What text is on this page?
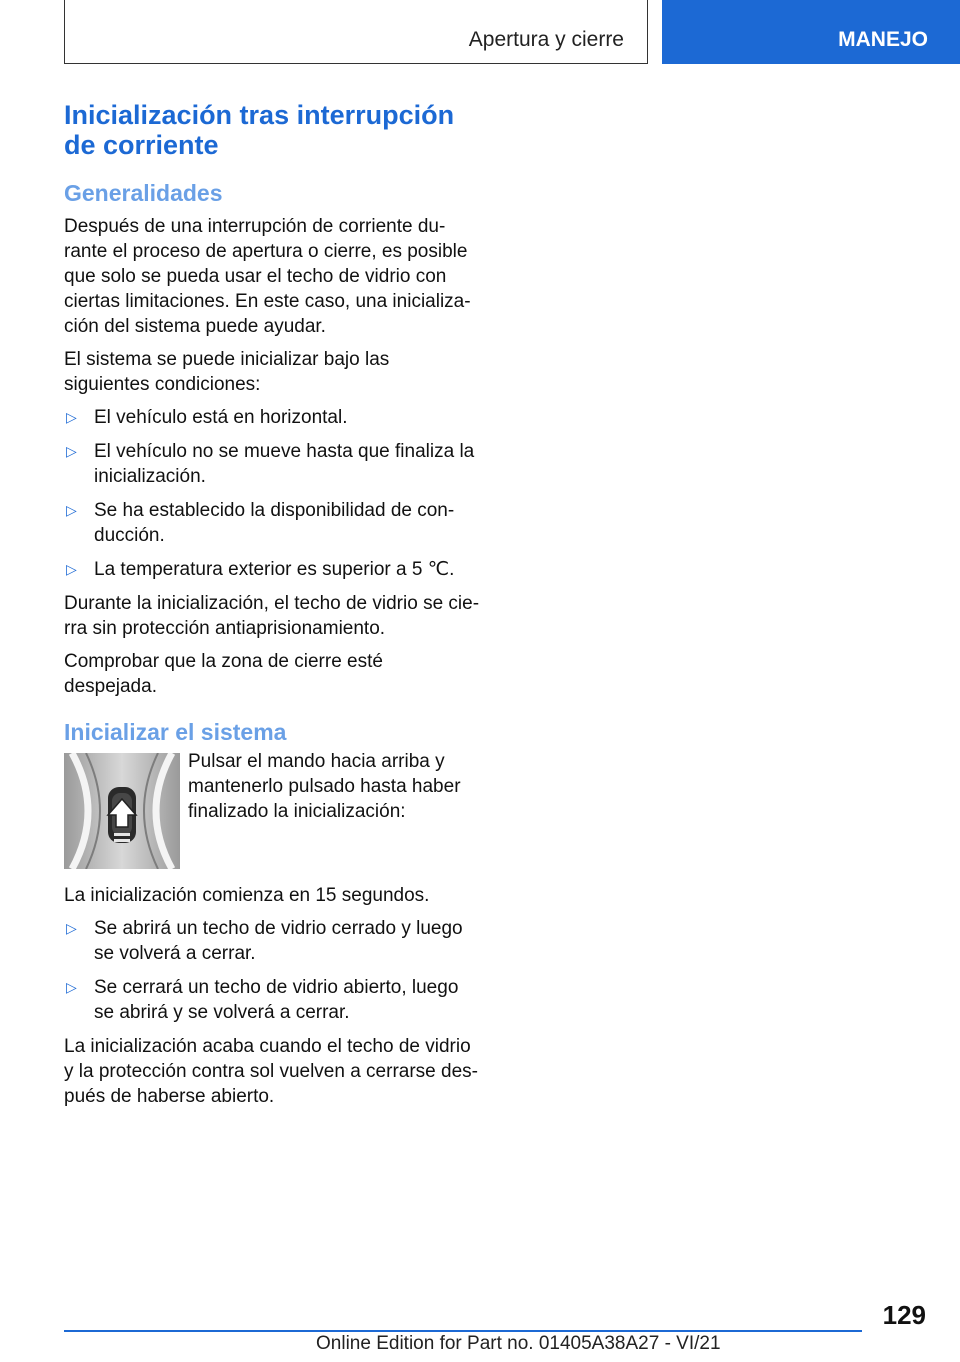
Apertura y cierre	MANEJO
Inicialización tras interrupción de corriente
Generalidades

Después de una interrupción de corriente du-rante el proceso de apertura o cierre, es posible que solo se pueda usar el techo de vidrio con ciertas limitaciones. En este caso, una inicializa-ción del sistema puede ayudar.

El sistema se puede inicializar bajo las siguientes condiciones:

▷ El vehículo está en horizontal.
▷ El vehículo no se mueve hasta que finaliza la inicialización.
▷ Se ha establecido la disponibilidad de con-ducción.
▷ La temperatura exterior es superior a 5 ℃.

Durante la inicialización, el techo de vidrio se cie-rra sin protección antiaprisionamiento.

Comprobar que la zona de cierre esté despejada.

Inicializar el sistema
Pulsar el mando hacia arriba y mantenerlo pulsado hasta haber finalizado la inicialización:

La inicialización comienza en 15 segundos.

▷ Se abrirá un techo de vidrio cerrado y luego se volverá a cerrar.
▷ Se cerrará un techo de vidrio abierto, luego se abrirá y se volverá a cerrar.

La inicialización acaba cuando el techo de vidrio y la protección contra sol vuelven a cerrarse des-pués de haberse abierto.

129
Online Edition for Part no. 01405A38A27 - VI/21
